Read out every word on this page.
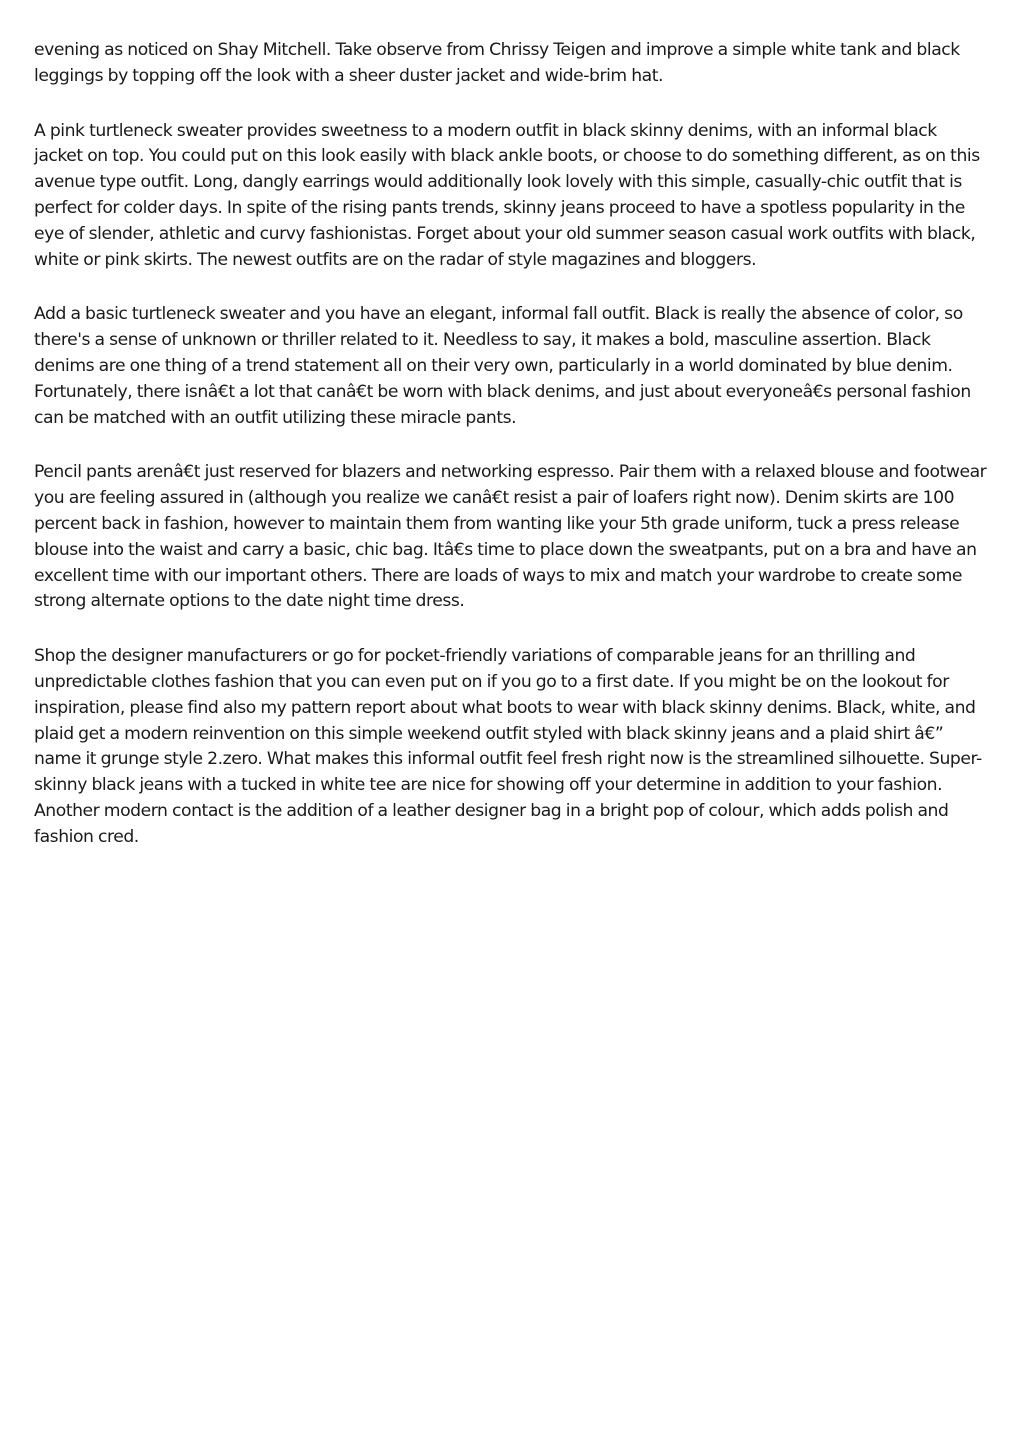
evening as noticed on Shay Mitchell. Take observe from Chrissy Teigen and improve a simple white tank and black leggings by topping off the look with a sheer duster jacket and wide-brim hat.

A pink turtleneck sweater provides sweetness to a modern outfit in black skinny denims, with an informal black jacket on top. You could put on this look easily with black ankle boots, or choose to do something different, as on this avenue type outfit. Long, dangly earrings would additionally look lovely with this simple, casually-chic outfit that is perfect for colder days. In spite of the rising pants trends, skinny jeans proceed to have a spotless popularity in the eye of slender, athletic and curvy fashionistas. Forget about your old summer season casual work outfits with black, white or pink skirts. The newest outfits are on the radar of style magazines and bloggers.

Add a basic turtleneck sweater and you have an elegant, informal fall outfit. Black is really the absence of color, so there's a sense of unknown or thriller related to it. Needless to say, it makes a bold, masculine assertion. Black denims are one thing of a trend statement all on their very own, particularly in a world dominated by blue denim. Fortunately, there isnâ€t a lot that canâ€t be worn with black denims, and just about everyoneâ€s personal fashion can be matched with an outfit utilizing these miracle pants.

Pencil pants arenâ€t just reserved for blazers and networking espresso. Pair them with a relaxed blouse and footwear you are feeling assured in (although you realize we canâ€t resist a pair of loafers right now). Denim skirts are 100 percent back in fashion, however to maintain them from wanting like your 5th grade uniform, tuck a press release blouse into the waist and carry a basic, chic bag. Itâ€s time to place down the sweatpants, put on a bra and have an excellent time with our important others. There are loads of ways to mix and match your wardrobe to create some strong alternate options to the date night time dress.

Shop the designer manufacturers or go for pocket-friendly variations of comparable jeans for an thrilling and unpredictable clothes fashion that you can even put on if you go to a first date. If you might be on the lookout for inspiration, please find also my pattern report about what boots to wear with black skinny denims. Black, white, and plaid get a modern reinvention on this simple weekend outfit styled with black skinny jeans and a plaid shirt â€” name it grunge style 2.zero. What makes this informal outfit feel fresh right now is the streamlined silhouette. Super-skinny black jeans with a tucked in white tee are nice for showing off your determine in addition to your fashion. Another modern contact is the addition of a leather designer bag in a bright pop of colour, which adds polish and fashion cred.
